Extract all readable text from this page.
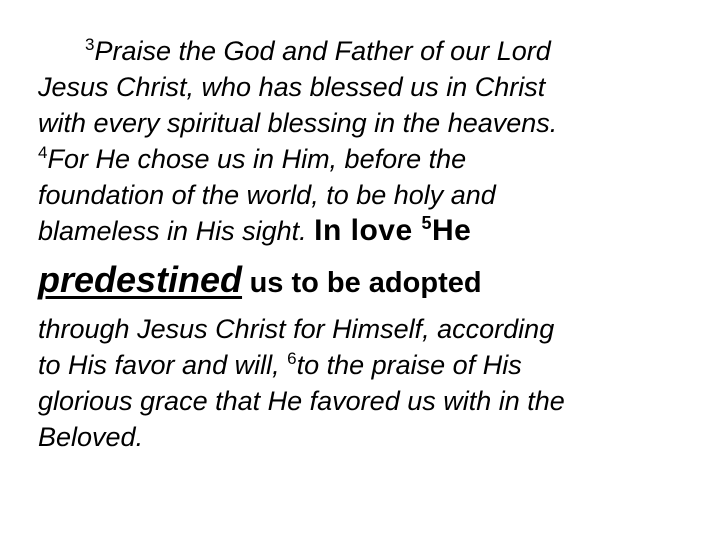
$^3$Praise the God and Father of our Lord
Jesus Christ, who has blessed us in Christ
with every spiritual blessing in the heavens.
$^4$For He chose us in Him, before the
foundation of the world, to be holy and
blameless in His sight. In love $^5$He
predestined us to be adopted
through Jesus Christ for Himself, according
to His favor and will, $^6$to the praise of His
glorious grace that He favored us with in the
Beloved.
